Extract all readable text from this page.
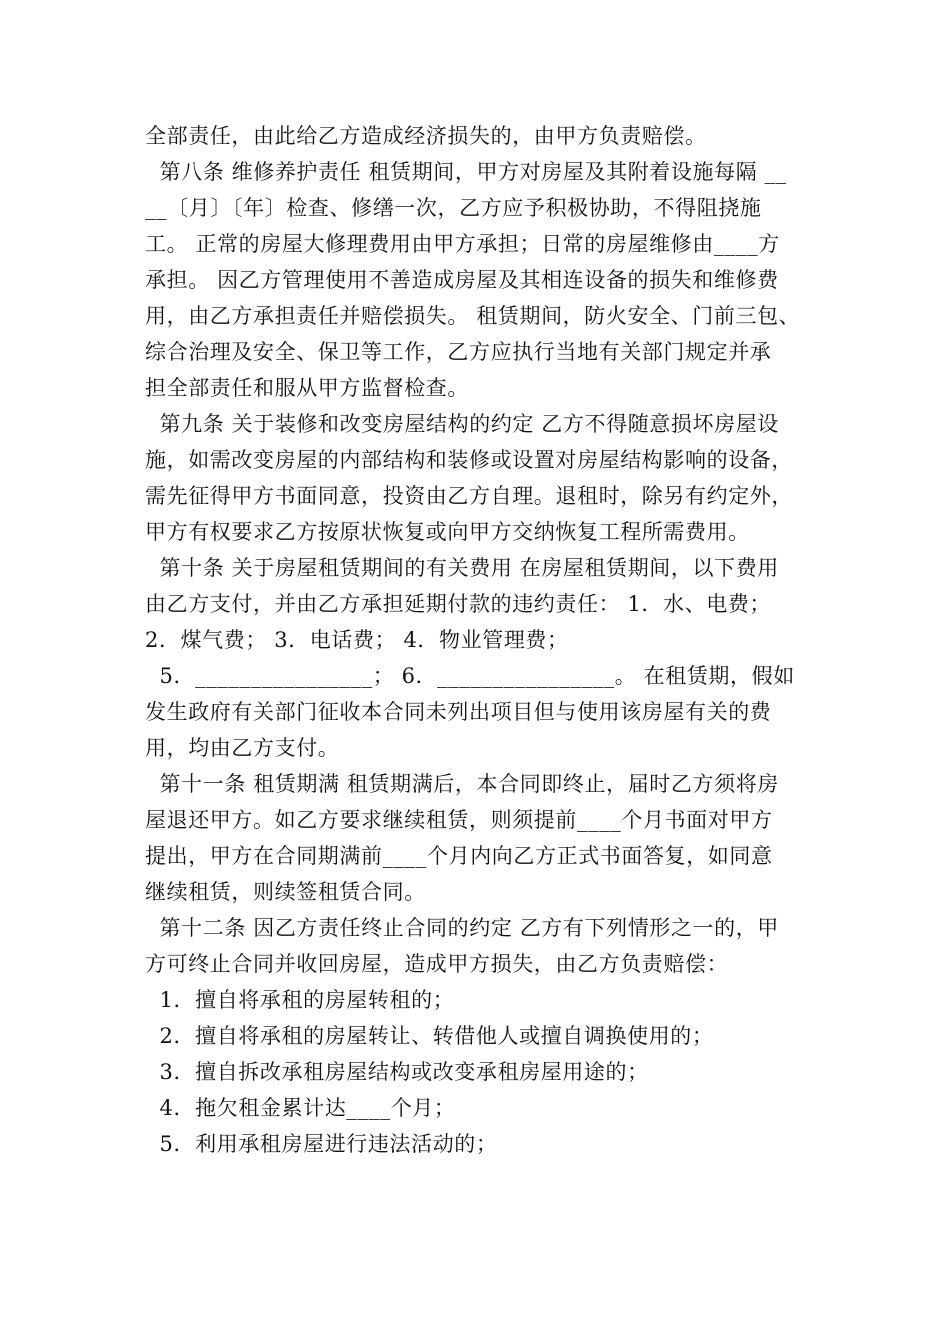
全部责任，由此给乙方造成经济损失的，由甲方负责赔偿。
第八条 维修养护责任 租赁期间，甲方对房屋及其附着设施每隔 __
__〔月〕〔年〕检查、修缮一次，乙方应予积极协助，不得阻挠施
工。 正常的房屋大修理费用由甲方承担；日常的房屋维修由____方
承担。 因乙方管理使用不善造成房屋及其相连设备的损失和维修费
用，由乙方承担责任并赔偿损失。 租赁期间，防火安全、门前三包、
综合治理及安全、保卫等工作，乙方应执行当地有关部门规定并承
担全部责任和服从甲方监督检查。
第九条 关于装修和改变房屋结构的约定 乙方不得随意损坏房屋设
施，如需改变房屋的内部结构和装修或设置对房屋结构影响的设备，
需先征得甲方书面同意，投资由乙方自理。退租时，除另有约定外，
甲方有权要求乙方按原状恢复或向甲方交纳恢复工程所需费用。
第十条 关于房屋租赁期间的有关费用 在房屋租赁期间，以下费用
由乙方支付，并由乙方承担延期付款的违约责任： 1．水、电费；
2．煤气费； 3．电话费； 4．物业管理费；
5．________________； 6．________________。 在租赁期，假如
发生政府有关部门征收本合同未列出项目但与使用该房屋有关的费
用，均由乙方支付。
第十一条 租赁期满 租赁期满后，本合同即终止，届时乙方须将房
屋退还甲方。如乙方要求继续租赁，则须提前____个月书面对甲方
提出，甲方在合同期满前____个月内向乙方正式书面答复，如同意
继续租赁，则续签租赁合同。
第十二条 因乙方责任终止合同的约定 乙方有下列情形之一的，甲
方可终止合同并收回房屋，造成甲方损失，由乙方负责赔偿：
1．擅自将承租的房屋转租的；
2．擅自将承租的房屋转让、转借他人或擅自调换使用的；
3．擅自拆改承租房屋结构或改变承租房屋用途的；
4．拖欠租金累计达____个月；
5．利用承租房屋进行违法活动的；
